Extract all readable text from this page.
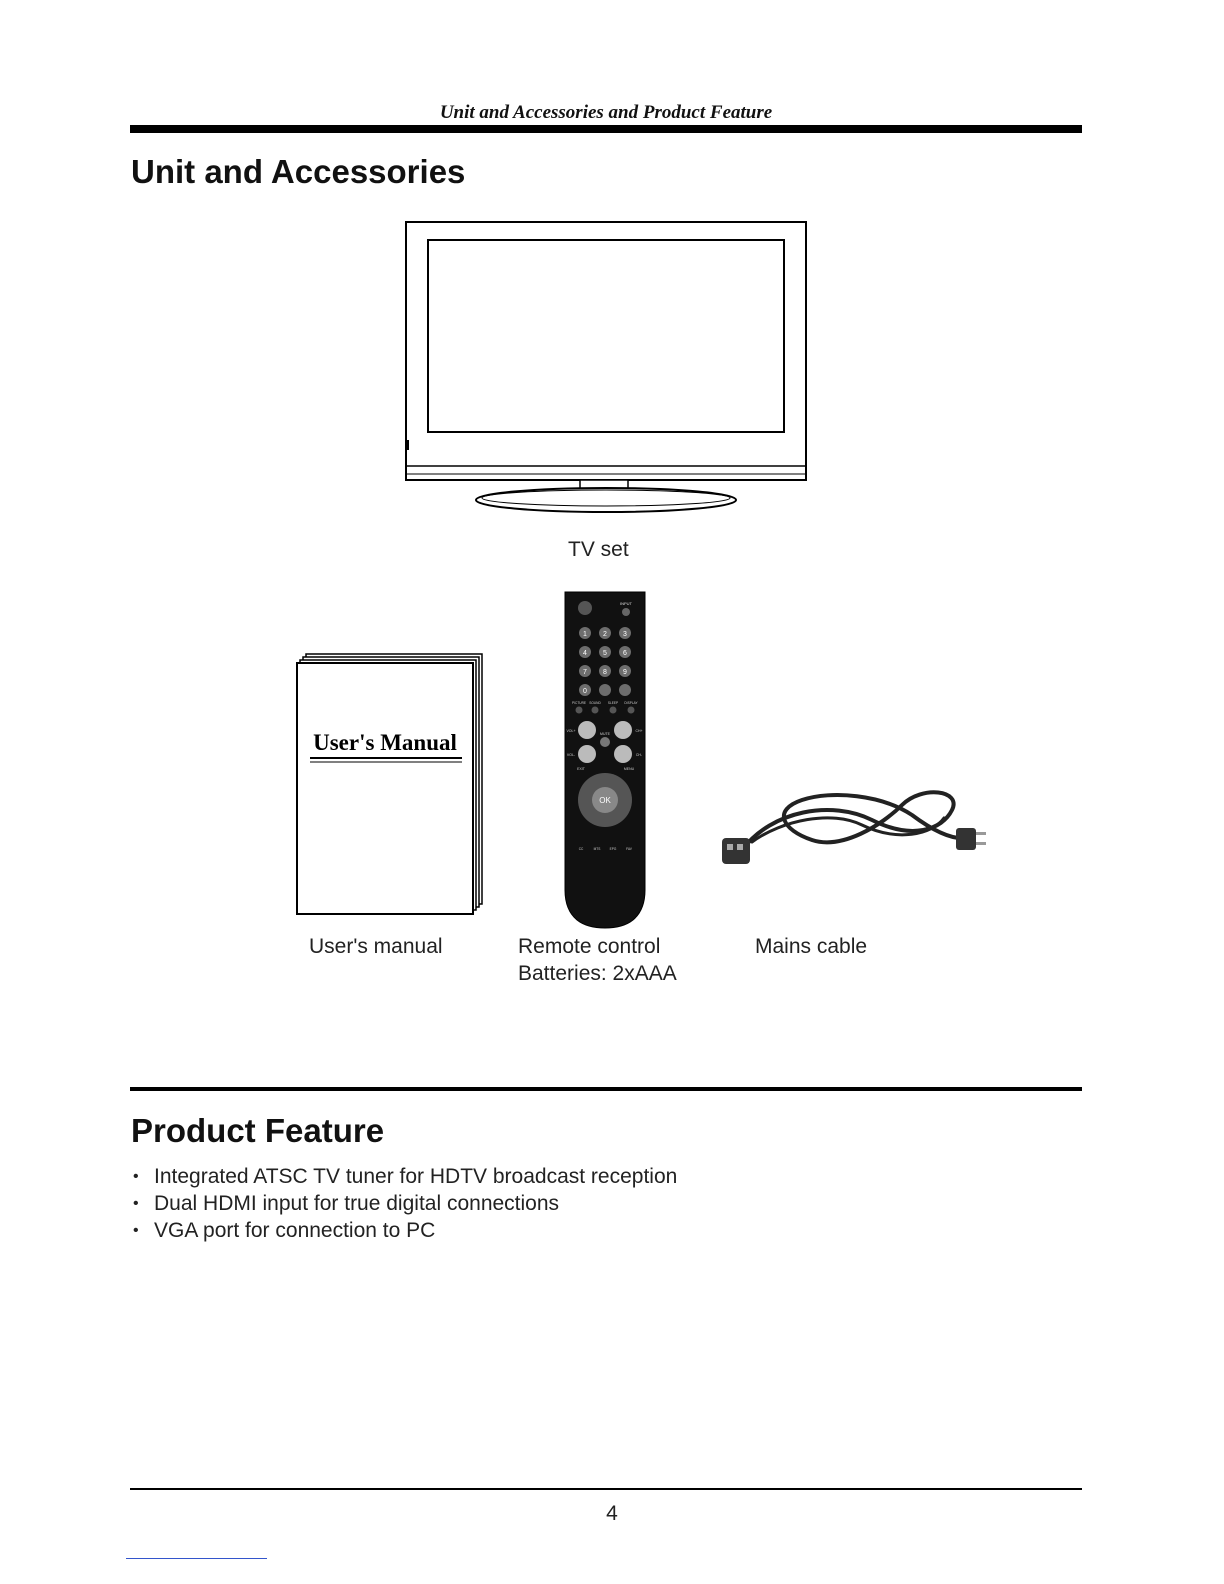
Unit and Accessories and Product Feature
Unit and Accessories
TV set
User's Manual
User's manual
INPUT
1 2 3
4 5 6
7 8 9
0
PICTURE SOUND SLEEP DISPLAY
VOL+
VOL-
CH+
CH-
MUTE
EXIT	MENU
OK
CC	MTS	EPG	FAV
Remote control
Batteries: 2xAAA
Mains cable
Product Feature
• Integrated ATSC TV tuner for HDTV broadcast reception
• Dual HDMI input for true digital connections
• VGA port for connection to PC
4
